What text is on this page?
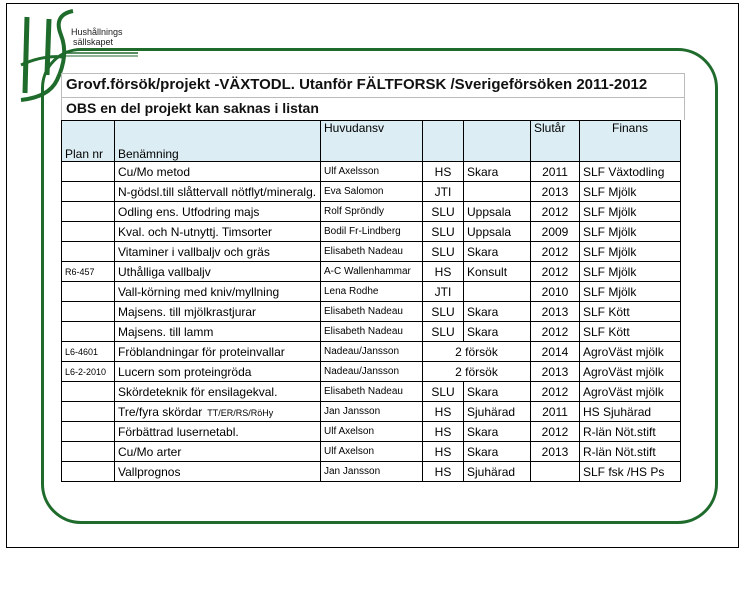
Hushållnings
sällskapet
Grovf.försök/projekt -VÄXTODL. Utanför FÄLTFORSK /Sverigeförsöken 2011-2012
OBS en del projekt kan saknas i listan
Plan nr	Benämning	Huvudansv			Slutår	Finans
	Cu/Mo metod	Ulf Axelsson	HS	Skara	2011	SLF Växtodling
	N-gödsl.till slåttervall nötflyt/mineralg.	Eva Salomon	JTI		2013	SLF Mjölk
	Odling ens. Utfodring majs	Rolf Spröndly	SLU	Uppsala	2012	SLF Mjölk
	Kval. och N-utnyttj. Timsorter	Bodil Fr-Lindberg	SLU	Uppsala	2009	SLF Mjölk
	Vitaminer i vallbaljv och gräs	Elisabeth Nadeau	SLU	Skara	2012	SLF Mjölk
R6-457	Uthålliga vallbaljv	A-C Wallenhammar	HS	Konsult	2012	SLF Mjölk
	Vall-körning med kniv/myllning	Lena Rodhe	JTI		2010	SLF Mjölk
	Majsens. till mjölkrastjurar	Elisabeth Nadeau	SLU	Skara	2013	SLF Kött
	Majsens. till lamm	Elisabeth Nadeau	SLU	Skara	2012	SLF Kött
L6-4601	Fröblandningar för proteinvallar	Nadeau/Jansson	2 försök		2014	AgroVäst mjölk
L6-2-2010	Lucern som proteingröda	Nadeau/Jansson	2 försök		2013	AgroVäst mjölk
	Skördeteknik för ensilagekval.	Elisabeth Nadeau	SLU	Skara	2012	AgroVäst mjölk
	Tre/fyra skördar TT/ER/RS/RöHy	Jan Jansson	HS	Sjuhärad	2011	HS Sjuhärad
	Förbättrad lusernetabl.	Ulf Axelson	HS	Skara	2012	R-län Nöt.stift
	Cu/Mo arter	Ulf Axelson	HS	Skara	2013	R-län Nöt.stift
	Vallprognos	Jan Jansson	HS	Sjuhärad		SLF fsk /HS Ps
